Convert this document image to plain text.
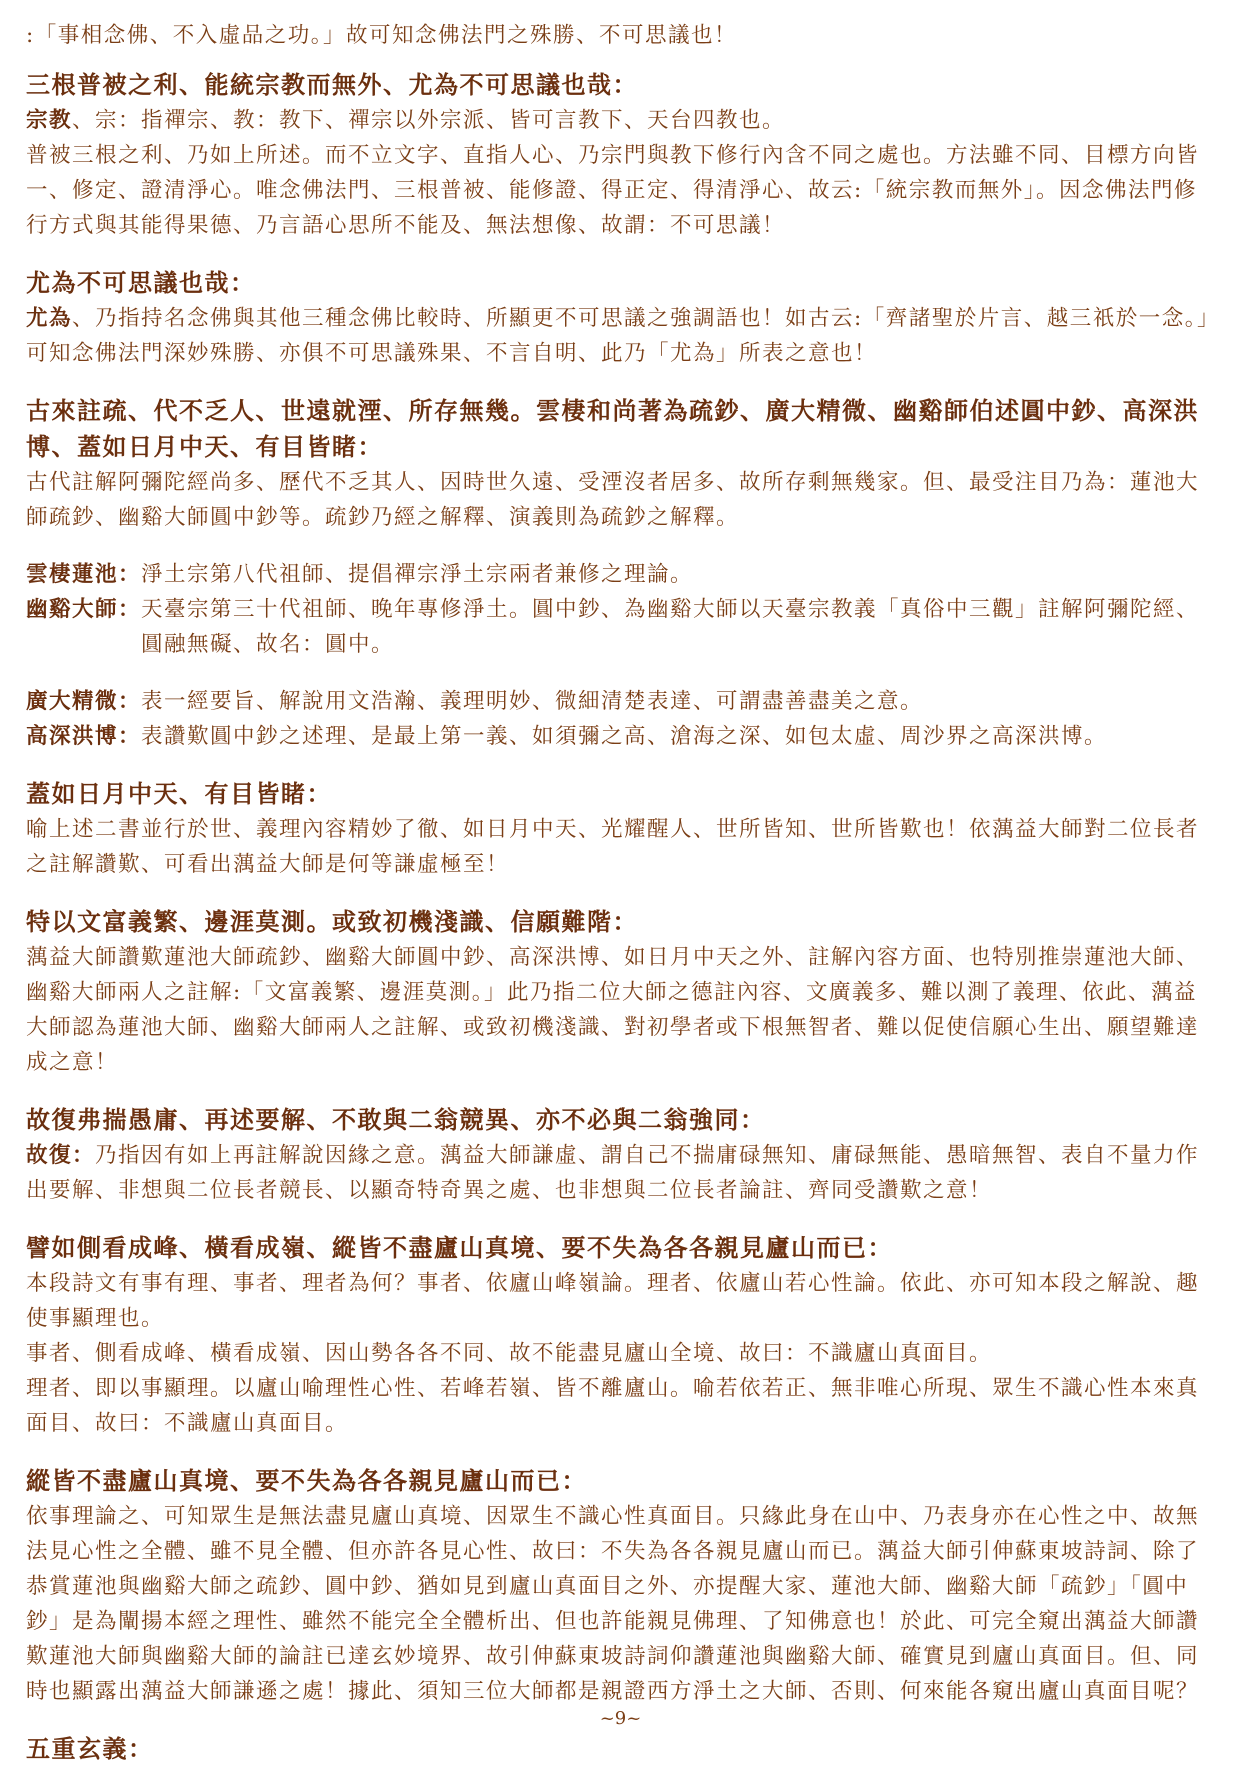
:「事相念佛、不入虛品之功。」故可知念佛法門之殊勝、不可思議也！

三根普被之利、能統宗教而無外、尤為不可思議也哉：

宗教、宗：指禪宗、教：教下、禪宗以外宗派、皆可言教下、天台四教也。

普被三根之利、乃如上所述。而不立文字、直指人心、乃宗門與教下修行內含不同之處也。方法雖不同、目標方向皆一、修定、證清淨心。唯念佛法門、三根普被、能修證、得正定、得清淨心、故云:「統宗教而無外」。因念佛法門修行方式與其能得果德、乃言語心思所不能及、無法想像、故謂：不可思議！

尤為不可思議也哉：

尤為、乃指持名念佛與其他三種念佛比較時、所顯更不可思議之強調語也！如古云:「齊諸聖於片言、越三祇於一念。」可知念佛法門深妙殊勝、亦俱不可思議殊果、不言自明、此乃「尤為」所表之意也！

古來註疏、代不乏人、世遠就湮、所存無幾。雲棲和尚著為疏鈔、廣大精微、幽谿師伯述圓中鈔、高深洪博、蓋如日月中天、有目皆睹：

古代註解阿彌陀經尚多、歷代不乏其人、因時世久遠、受湮沒者居多、故所存剩無幾家。但、最受注目乃為：蓮池大師疏鈔、幽谿大師圓中鈔等。疏鈔乃經之解釋、演義則為疏鈔之解釋。

雲棲蓮池： 淨土宗第八代祖師、提倡禪宗淨土宗兩者兼修之理論。
幽谿大師： 天臺宗第三十代祖師、晚年專修淨土。圓中鈔、為幽谿大師以天臺宗教義「真俗中三觀」註解阿彌陀經、圓融無礙、故名：圓中。
廣大精微： 表一經要旨、解說用文浩瀚、義理明妙、微細清楚表達、可謂盡善盡美之意。
高深洪博： 表讚歎圓中鈔之述理、是最上第一義、如須彌之高、滄海之深、如包太虛、周沙界之高深洪博。

蓋如日月中天、有目皆睹：

喻上述二書並行於世、義理內容精妙了徹、如日月中天、光耀醒人、世所皆知、世所皆歎也！依蕅益大師對二位長者之註解讚歎、可看出蕅益大師是何等謙虛極至！

特以文富義繁、邊涯莫測。或致初機淺識、信願難階：

蕅益大師讚歎蓮池大師疏鈔、幽谿大師圓中鈔、高深洪博、如日月中天之外、註解內容方面、也特別推崇蓮池大師、幽谿大師兩人之註解:「文富義繁、邊涯莫測。」此乃指二位大師之德註內容、文廣義多、難以測了義理、依此、蕅益大師認為蓮池大師、幽谿大師兩人之註解、或致初機淺識、對初學者或下根無智者、難以促使信願心生出、願望難達成之意！

故復弗揣愚庸、再述要解、不敢與二翁競異、亦不必與二翁強同：

故復：乃指因有如上再註解說因緣之意。蕅益大師謙虛、謂自己不揣庸碌無知、庸碌無能、愚暗無智、表自不量力作出要解、非想與二位長者競長、以顯奇特奇異之處、也非想與二位長者論註、齊同受讚歎之意！

譬如側看成峰、橫看成嶺、縱皆不盡廬山真境、要不失為各各親見廬山而已：

本段詩文有事有理、事者、理者為何？事者、依廬山峰嶺論。理者、依廬山若心性論。依此、亦可知本段之解說、趣使事顯理也。

事者、側看成峰、橫看成嶺、因山勢各各不同、故不能盡見廬山全境、故曰：不識廬山真面目。

理者、即以事顯理。以廬山喻理性心性、若峰若嶺、皆不離廬山。喻若依若正、無非唯心所現、眾生不識心性本來真面目、故曰：不識廬山真面目。

縱皆不盡廬山真境、要不失為各各親見廬山而已：

依事理論之、可知眾生是無法盡見廬山真境、因眾生不識心性真面目。只緣此身在山中、乃表身亦在心性之中、故無法見心性之全體、雖不見全體、但亦許各見心性、故曰：不失為各各親見廬山而已。蕅益大師引伸蘇東坡詩詞、除了恭賞蓮池與幽谿大師之疏鈔、圓中鈔、猶如見到廬山真面目之外、亦提醒大家、蓮池大師、幽谿大師「疏鈔」「圓中鈔」是為闡揚本經之理性、雖然不能完全全體析出、但也許能親見佛理、了知佛意也！於此、可完全窺出蕅益大師讚歎蓮池大師與幽谿大師的論註已達玄妙境界、故引伸蘇東坡詩詞仰讚蓮池與幽谿大師、確實見到廬山真面目。但、同時也顯露出蕅益大師謙遜之處！據此、須知三位大師都是親證西方淨土之大師、否則、何來能各窺出廬山真面目呢？

五重玄義：

~9~
